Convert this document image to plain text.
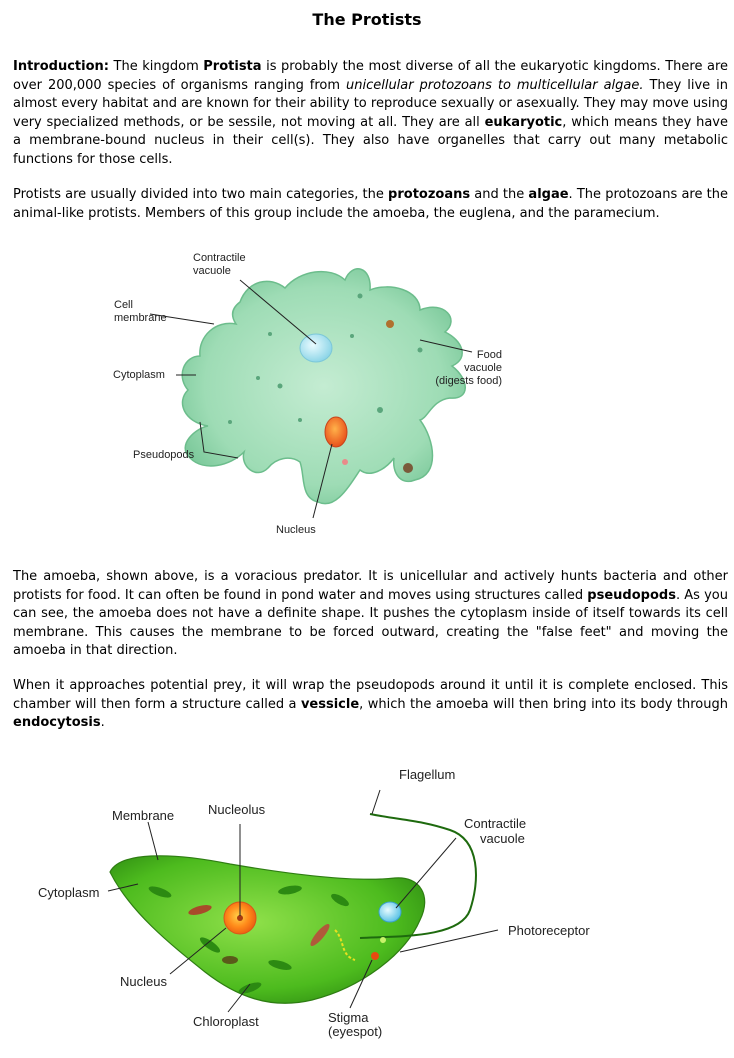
The Protists

Introduction: The kingdom Protista is probably the most diverse of all the eukaryotic kingdoms. There are over 200,000 species of organisms ranging from unicellular protozoans to multicellular algae. They live in almost every habitat and are known for their ability to reproduce sexually or asexually. They may move using very specialized methods, or be sessile, not moving at all. They are all eukaryotic, which means they have a membrane-bound nucleus in their cell(s). They also have organelles that carry out many metabolic functions for those cells.

Protists are usually divided into two main categories, the protozoans and the algae. The protozoans are the animal-like protists. Members of this group include the amoeba, the euglena, and the paramecium.

Contractile
vacuole
Cell
membrane
Cytoplasm
Pseudopods
Nucleus
Food
vacuole
(digests food)

The amoeba, shown above, is a voracious predator. It is unicellular and actively hunts bacteria and other protists for food. It can often be found in pond water and moves using structures called pseudopods. As you can see, the amoeba does not have a definite shape. It pushes the cytoplasm inside of itself towards its cell membrane. This causes the membrane to be forced outward, creating the "false feet" and moving the amoeba in that direction.

When it approaches potential prey, it will wrap the pseudopods around it until it is complete enclosed. This chamber will then form a structure called a vessicle, which the amoeba will then bring into its body through endocytosis.

Flagellum
Membrane	Nucleolus
Contractile
vacuole
Cytoplasm
Photoreceptor
Nucleus
Chloroplast	Stigma
(eyespot)
